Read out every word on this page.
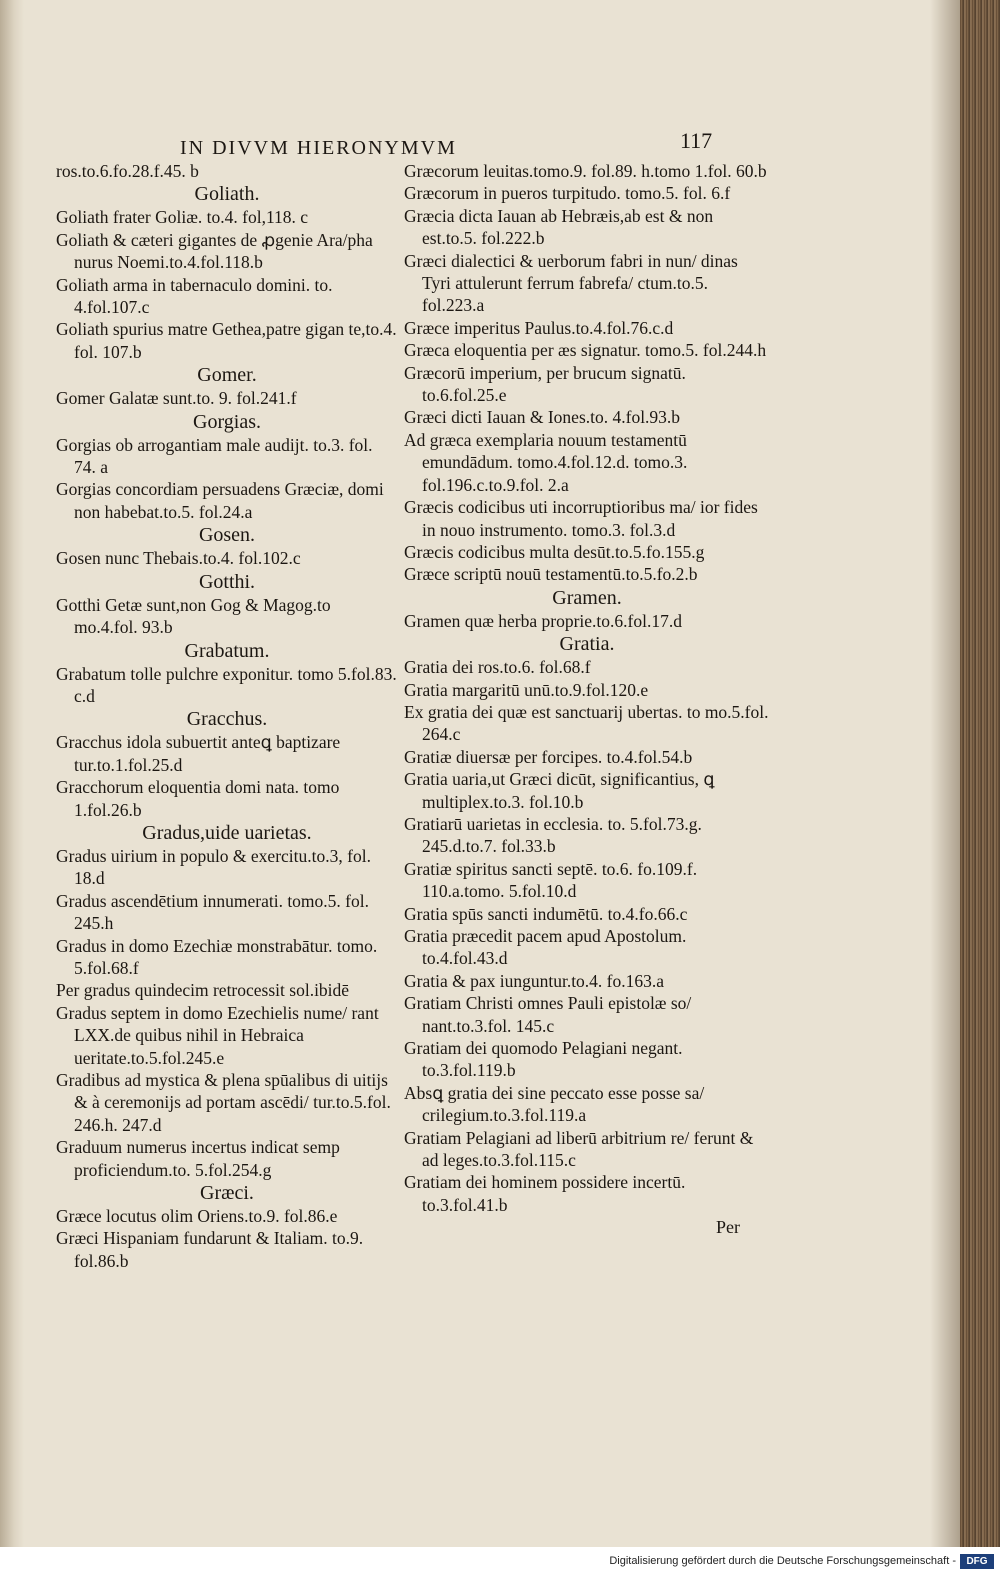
IN DIVVM HIERONYMVM	117
ros.to.6.fo.28.f.45. b
Goliath.
Goliath frater Goliæ. to.4. fol,118. c
Goliath & cæteri gigantes de ꝓgenie Ara/pha nurus Noemi.to.4.fol.118.b
Goliath arma in tabernaculo domini. to. 4.fol.107.c
Goliath spurius matre Gethea,patre gigan te,to.4. fol. 107.b
Gomer.
Gomer Galatæ sunt.to. 9. fol.241.f
Gorgias.
Gorgias ob arrogantiam male audijt. to.3. fol. 74. a
Gorgias concordiam persuadens Græciæ, domi non habebat.to.5. fol.24.a
Gosen.
Gosen nunc Thebais.to.4. fol.102.c
Gotthi.
Gotthi Getæ sunt,non Gog & Magog.to mo.4.fol. 93.b
Grabatum.
Grabatum tolle pulchre exponitur. tomo 5.fol.83. c.d
Gracchus.
Gracchus idola subuertit anteꝗ baptizare tur.to.1.fol.25.d
Gracchorum eloquentia domi nata. tomo 1.fol.26.b
Gradus,uide uarietas.
Gradus uirium in populo & exercitu.to.3, fol. 18.d
Gradus ascendētium innumerati. tomo.5. fol. 245.h
Gradus in domo Ezechiæ monstrabātur. tomo. 5.fol.68.f
Per gradus quindecim retrocessit sol.ibidē
Gradus septem in domo Ezechielis nume/ rant LXX.de quibus nihil in Hebraica ueritate.to.5.fol.245.e
Gradibus ad mystica & plena spūalibus di uitijs & à ceremonijs ad portam ascēdi/ tur.to.5.fol. 246.h. 247.d
Graduum numerus incertus indicat semp proficiendum.to. 5.fol.254.g
Græci.
Græce locutus olim Oriens.to.9. fol.86.e
Græci Hispaniam fundarunt & Italiam. to.9. fol.86.b
Græcorum leuitas.tomo.9. fol.89. h.tomo 1.fol. 60.b
Græcorum in pueros turpitudo. tomo.5. fol. 6.f
Græcia dicta Iauan ab Hebræis,ab est & non est.to.5. fol.222.b
Græci dialectici & uerborum fabri in nun/ dinas Tyri attulerunt ferrum fabrefa/ ctum.to.5. fol.223.a
Græce imperitus Paulus.to.4.fol.76.c.d
Græca eloquentia per æs signatur. tomo.5. fol.244.h
Græcorū imperium, per brucum signatū. to.6.fol.25.e
Græci dicti Iauan & Iones.to. 4.fol.93.b
Ad græca exemplaria nouum testamentū emundādum. tomo.4.fol.12.d. tomo.3. fol.196.c.to.9.fol. 2.a
Græcis codicibus uti incorruptioribus ma/ ior fides in nouo instrumento. tomo.3. fol.3.d
Græcis codicibus multa desūt.to.5.fo.155.g
Græce scriptū nouū testamentū.to.5.fo.2.b
Gramen.
Gramen quæ herba proprie.to.6.fol.17.d
Gratia.
Gratia dei ros.to.6. fol.68.f
Gratia margaritū unū.to.9.fol.120.e
Ex gratia dei quæ est sanctuarij ubertas. to mo.5.fol. 264.c
Gratiæ diuersæ per forcipes. to.4.fol.54.b
Gratia uaria,ut Græci dicūt, significantius, ꝗ multiplex.to.3. fol.10.b
Gratiarū uarietas in ecclesia. to. 5.fol.73.g. 245.d.to.7. fol.33.b
Gratiæ spiritus sancti septē. to.6. fo.109.f. 110.a.tomo. 5.fol.10.d
Gratia spūs sancti indumētū. to.4.fo.66.c
Gratia præcedit pacem apud Apostolum. to.4.fol.43.d
Gratia & pax iunguntur.to.4. fo.163.a
Gratiam Christi omnes Pauli epistolæ so/ nant.to.3.fol. 145.c
Gratiam dei quomodo Pelagiani negant. to.3.fol.119.b
Absꝗ gratia dei sine peccato esse posse sa/ crilegium.to.3.fol.119.a
Gratiam Pelagiani ad liberū arbitrium re/ ferunt & ad leges.to.3.fol.115.c
Gratiam dei hominem possidere incertū. to.3.fol.41.b
Per
Digitalisierung gefördert durch die Deutsche Forschungsgemeinschaft -	DFG
